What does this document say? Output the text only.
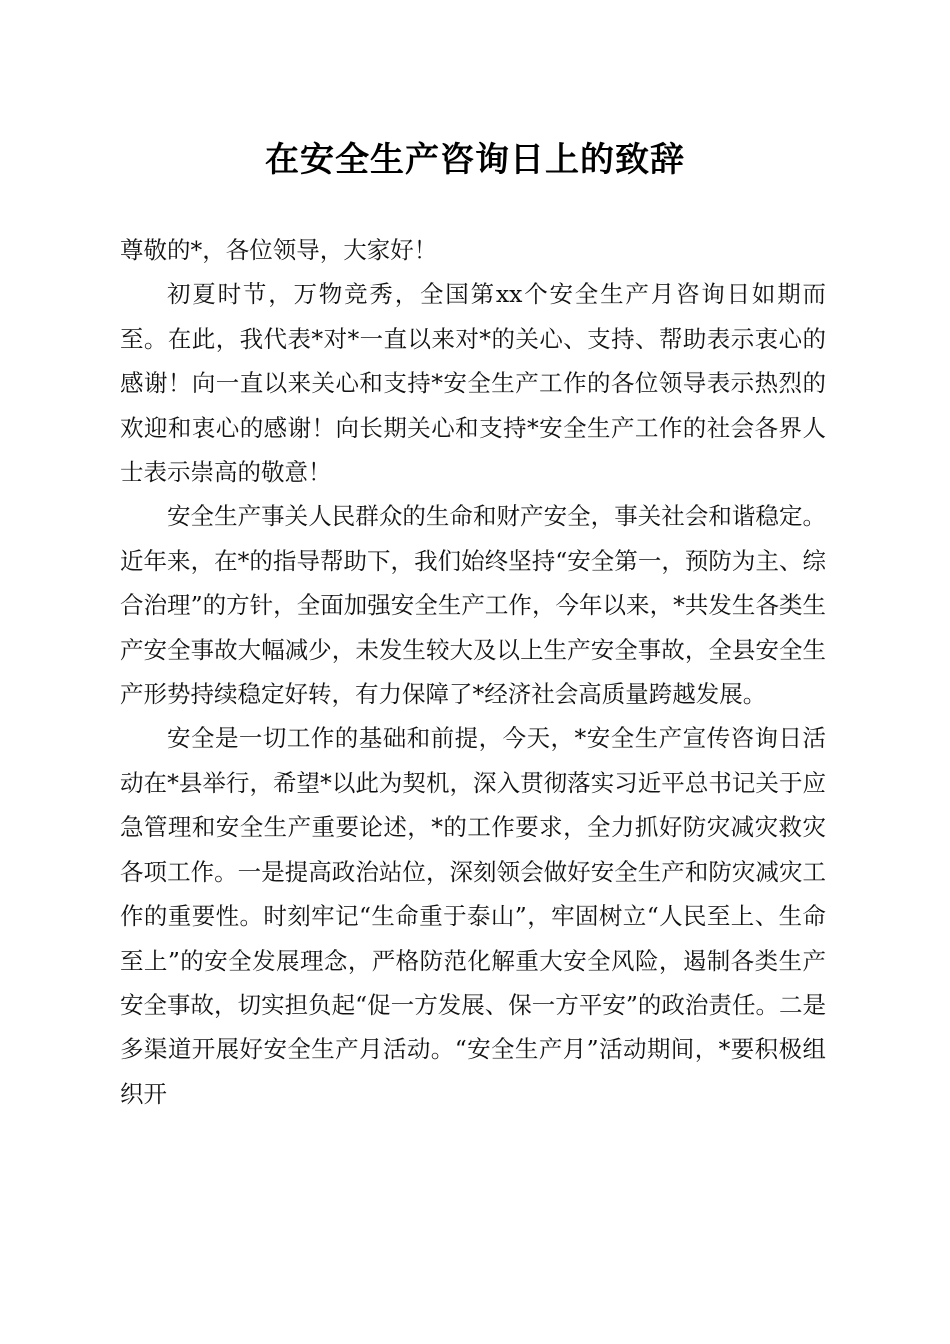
在安全生产咨询日上的致辞

尊敬的*，各位领导，大家好！

初夏时节，万物竞秀，全国第xx个安全生产月咨询日如期而至。在此，我代表*对*一直以来对*的关心、支持、帮助表示衷心的感谢！向一直以来关心和支持*安全生产工作的各位领导表示热烈的欢迎和衷心的感谢！向长期关心和支持*安全生产工作的社会各界人士表示崇高的敬意！

安全生产事关人民群众的生命和财产安全，事关社会和谐稳定。近年来，在*的指导帮助下，我们始终坚持“安全第一，预防为主、综合治理”的方针，全面加强安全生产工作，今年以来，*共发生各类生产安全事故大幅减少，未发生较大及以上生产安全事故，全县安全生产形势持续稳定好转，有力保障了*经济社会高质量跨越发展。

安全是一切工作的基础和前提，今天，*安全生产宣传咨询日活动在*县举行，希望*以此为契机，深入贯彻落实习近平总书记关于应急管理和安全生产重要论述，*的工作要求，全力抓好防灾减灾救灾各项工作。一是提高政治站位，深刻领会做好安全生产和防灾减灾工作的重要性。时刻牢记“生命重于泰山”，牢固树立“人民至上、生命至上”的安全发展理念，严格防范化解重大安全风险，遏制各类生产安全事故，切实担负起“促一方发展、保一方平安”的政治责任。二是多渠道开展好安全生产月活动。“安全生产月”活动期间，*要积极组织开
